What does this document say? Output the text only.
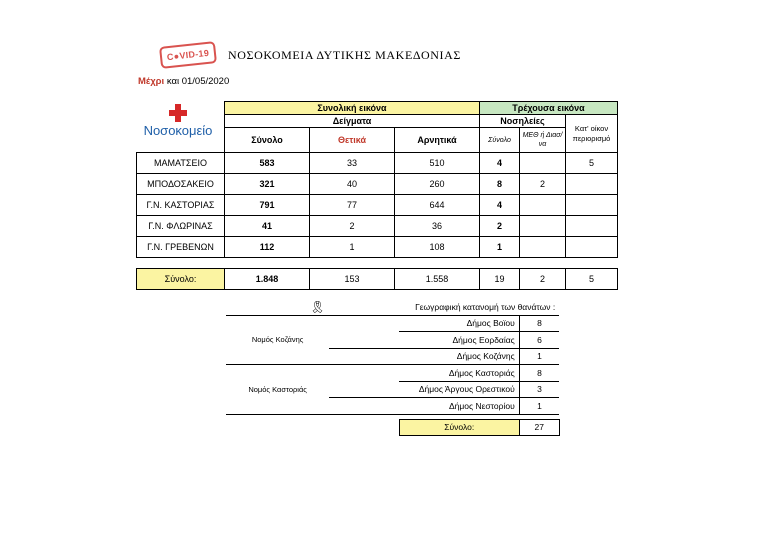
C●VID-19	ΝΟΣΟΚΟΜΕΙΑ ΔΥΤΙΚΗΣ ΜΑΚΕΔΟΝΙΑΣ
Μέχρι και 01/05/2020
Νοσοκομείο
	Συνολική εικόνα			Τρέχουσα εικόνα		
	Δείγματα			Νοσηλείες		Κατ' οίκον περιορισμό
	Σύνολο	Θετικά	Αρνητικά	Σύνολο	ΜΕΘ ή Διασ/να	
ΜΑΜΑΤΣΕΙΟ	583	33	510	4		5
ΜΠΟΔΟΣΑΚΕΙΟ	321	40	260	8	2	
Γ.Ν. ΚΑΣΤΟΡΙΑΣ	791	77	644	4		
Γ.Ν. ΦΛΩΡΙΝΑΣ	41	2	36	2		
Γ.Ν. ΓΡΕΒΕΝΩΝ	112	1	108	1		

Σύνολο:	1.848	153	1.558	19	2	5
🎗︎	Γεωγραφική κατανομή των θανάτων :		
Νομός Κοζάνης		Δήμος Βοϊου	8
		Δήμος Εορδαίας	6
		Δήμος Κοζάνης	1
Νομός Καστοριάς		Δήμος Καστοριάς	8
		Δήμος Άργους Ορεστικού	3
		Δήμος Νεστορίου	1

		Σύνολο:	27
